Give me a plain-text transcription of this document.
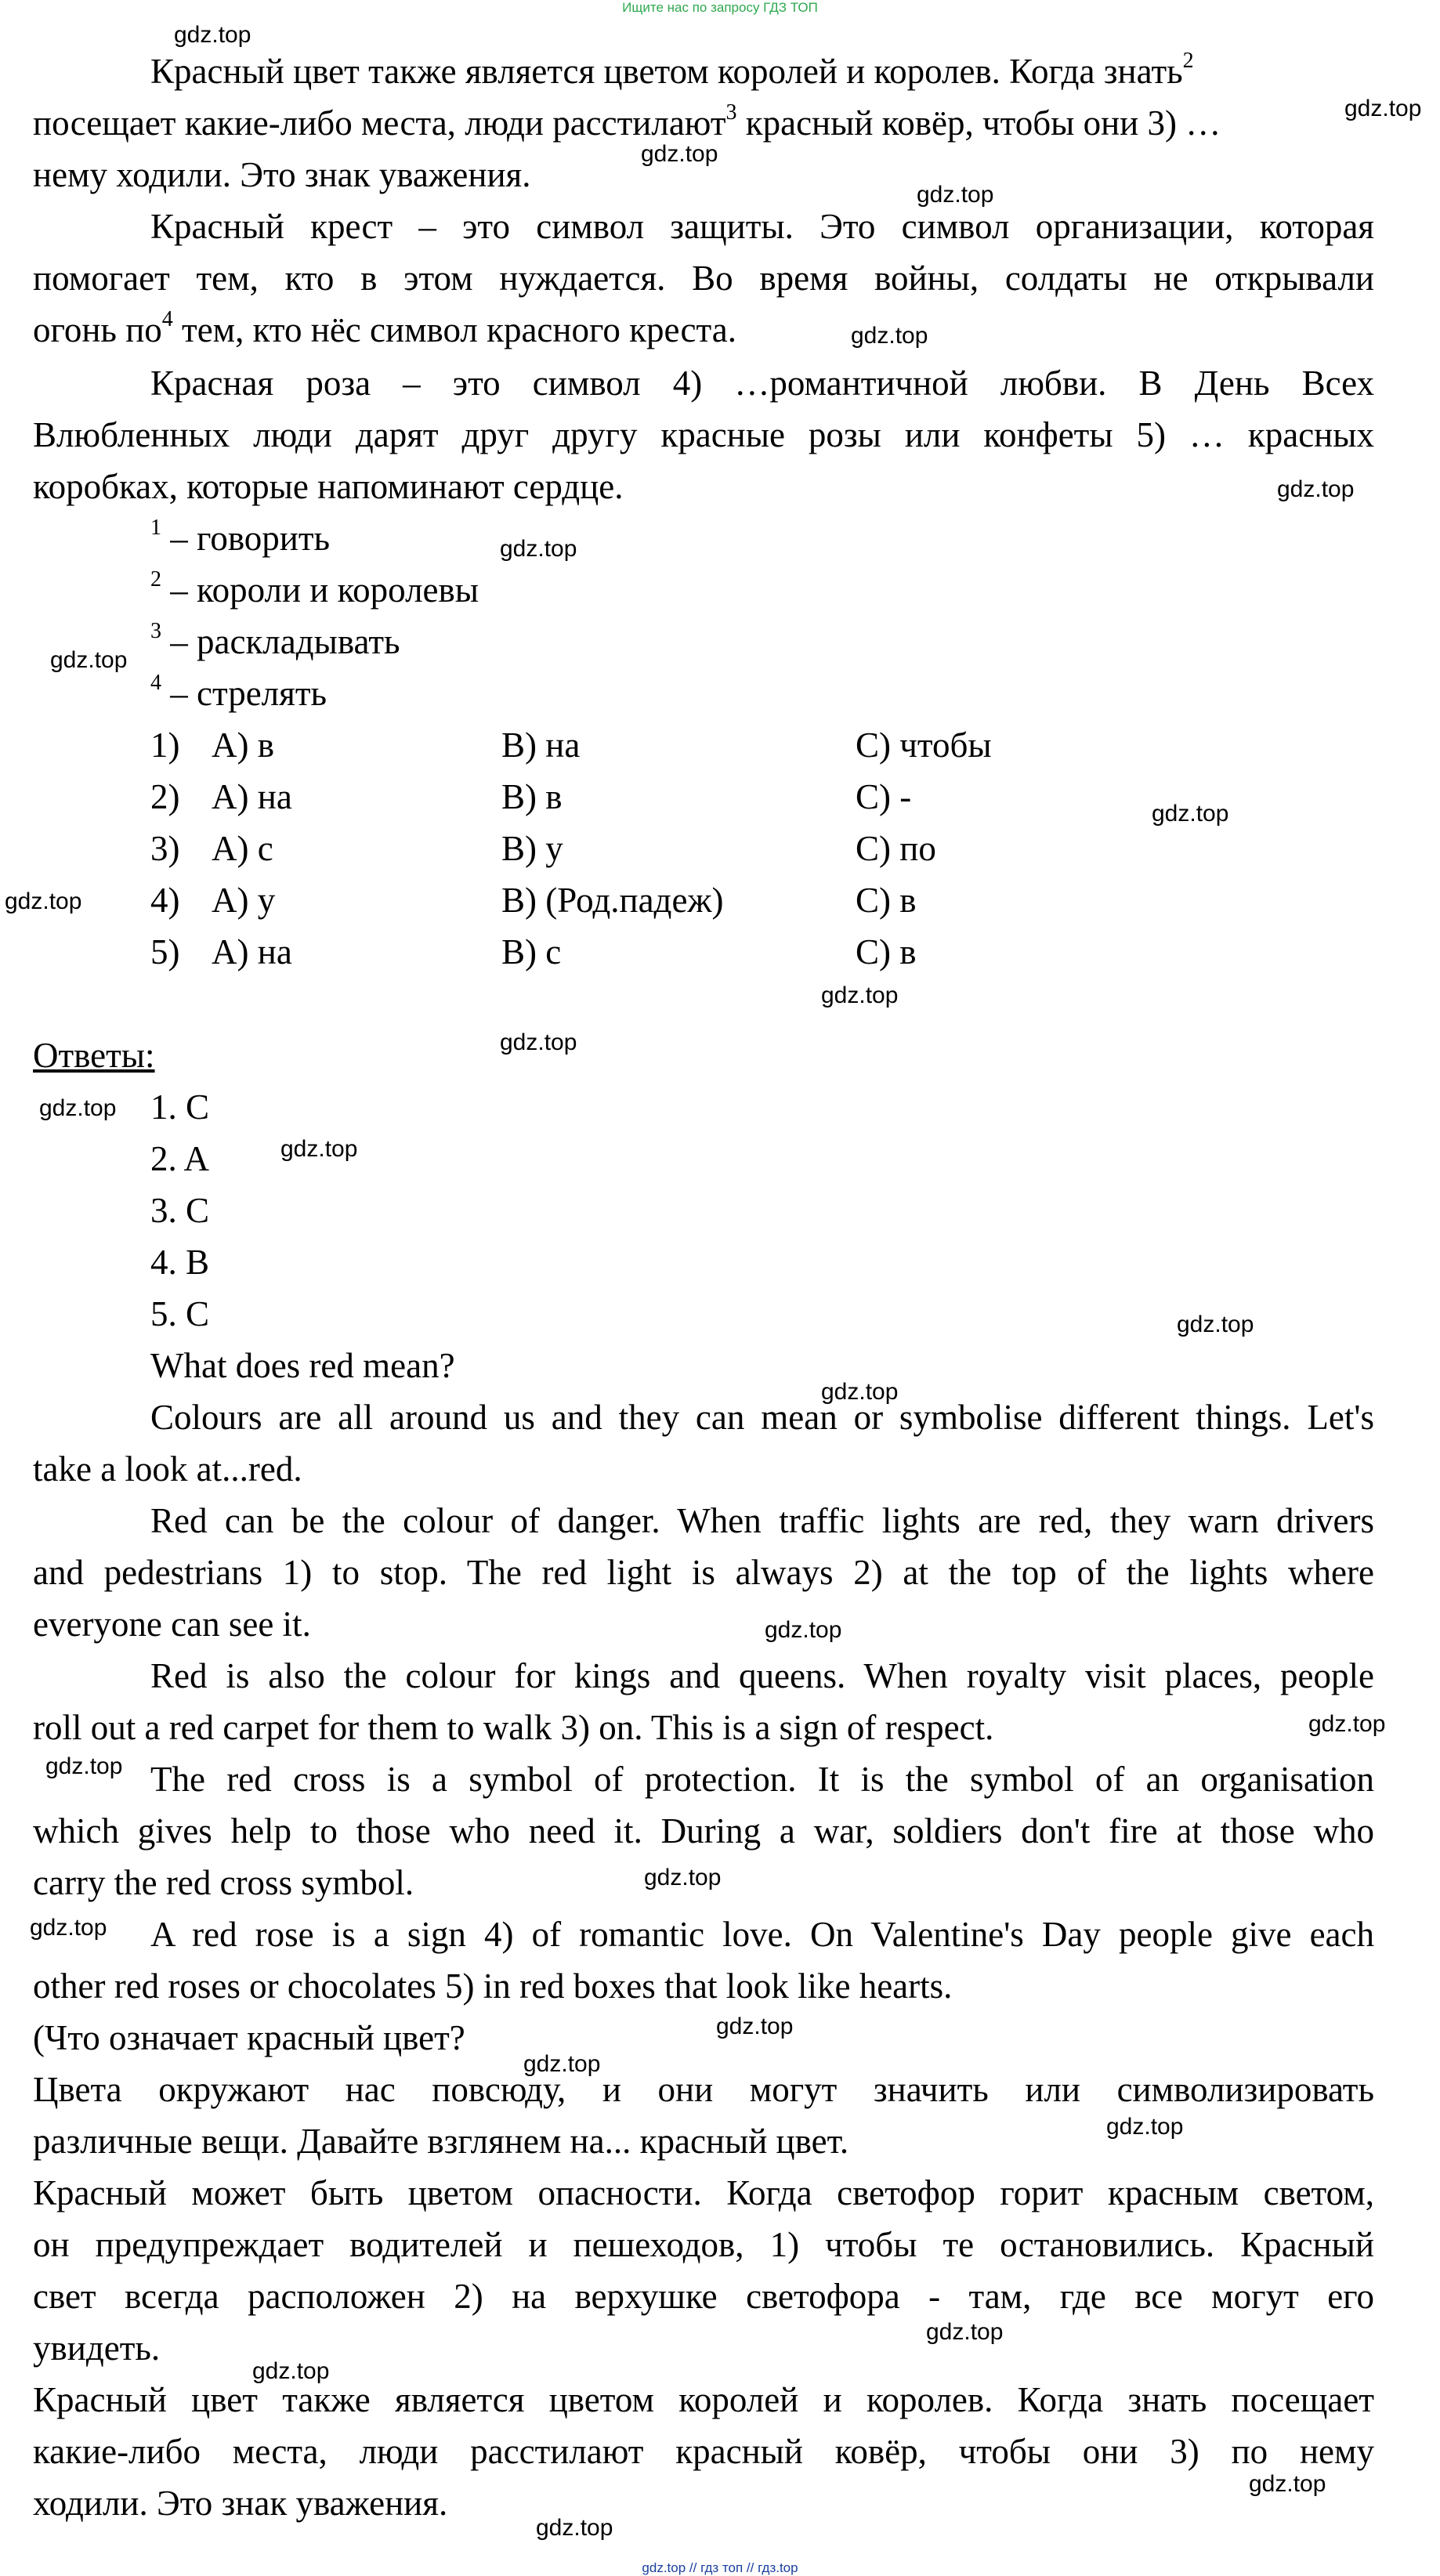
Ищите нас по запросу ГДЗ ТОП
Красный цвет также является цветом королей и королев. Когда знать$^2$
посещает какие-либо места, люди расстилают$^3$ красный ковёр, чтобы они 3) …
нему ходили. Это знак уважения.
Красный крест – это символ защиты. Это символ организации, которая
помогает тем, кто в этом нуждается. Во время войны, солдаты не открывали
огонь $по^4$ тем, кто нёс символ красного креста.
Красная роза – это символ 4) …романтичной любви. В День Всех
Влюбленных люди дарят друг другу красные розы или конфеты 5) … красных
коробках, которые напоминают сердце.
$^1$ – говорить
$^2$ – короли и королевы
$^3$ – раскладывать
$^4$ – стрелять
1) A) в	B) на	C) чтобы
2) A) на	B) в	C) -
3) A) с	B) у	C) по
4) A) у	B) (Род.падеж)	C) в
5) A) на	B) с	C) в
Ответы:
1. C
2. A
3. C
4. B
5. C
What does red mean?
Colours are all around us and they can mean or symbolise different things. Let's
take a look at...red.
Red can be the colour of danger. When traffic lights are red, they warn drivers
and pedestrians 1) to stop. The red light is always 2) at the top of the lights where
everyone can see it.
Red is also the colour for kings and queens. When royalty visit places, people
roll out a red carpet for them to walk 3) on. This is a sign of respect.
The red cross is a symbol of protection. It is the symbol of an organisation
which gives help to those who need it. During a war, soldiers don't fire at those who
carry the red cross symbol.
A red rose is a sign 4) of romantic love. On Valentine's Day people give each
other red roses or chocolates 5) in red boxes that look like hearts.
(Что означает красный цвет?
Цвета окружают нас повсюду, и они могут значить или символизировать
различные вещи. Давайте взглянем на... красный цвет.
Красный может быть цветом опасности. Когда светофор горит красным светом,
он предупреждает водителей и пешеходов, 1) чтобы те остановились. Красный
свет всегда расположен 2) на верхушке светофора - там, где все могут его
увидеть.
Красный цвет также является цветом королей и королев. Когда знать посещает
какие-либо места, люди расстилают красный ковёр, чтобы они 3) по нему
ходили. Это знак уважения.
gdz.top
gdz.top
gdz.top
gdz.top
gdz.top
gdz.top
gdz.top
gdz.top
gdz.top
gdz.top
gdz.top
gdz.top
gdz.top
gdz.top
gdz.top
gdz.top
gdz.top
gdz.top
gdz.top
gdz.top
gdz.top
gdz.top
gdz.top
gdz.top
gdz.top
gdz.top
gdz.top
gdz.top
gdz.top // гдз топ // гдз.top
